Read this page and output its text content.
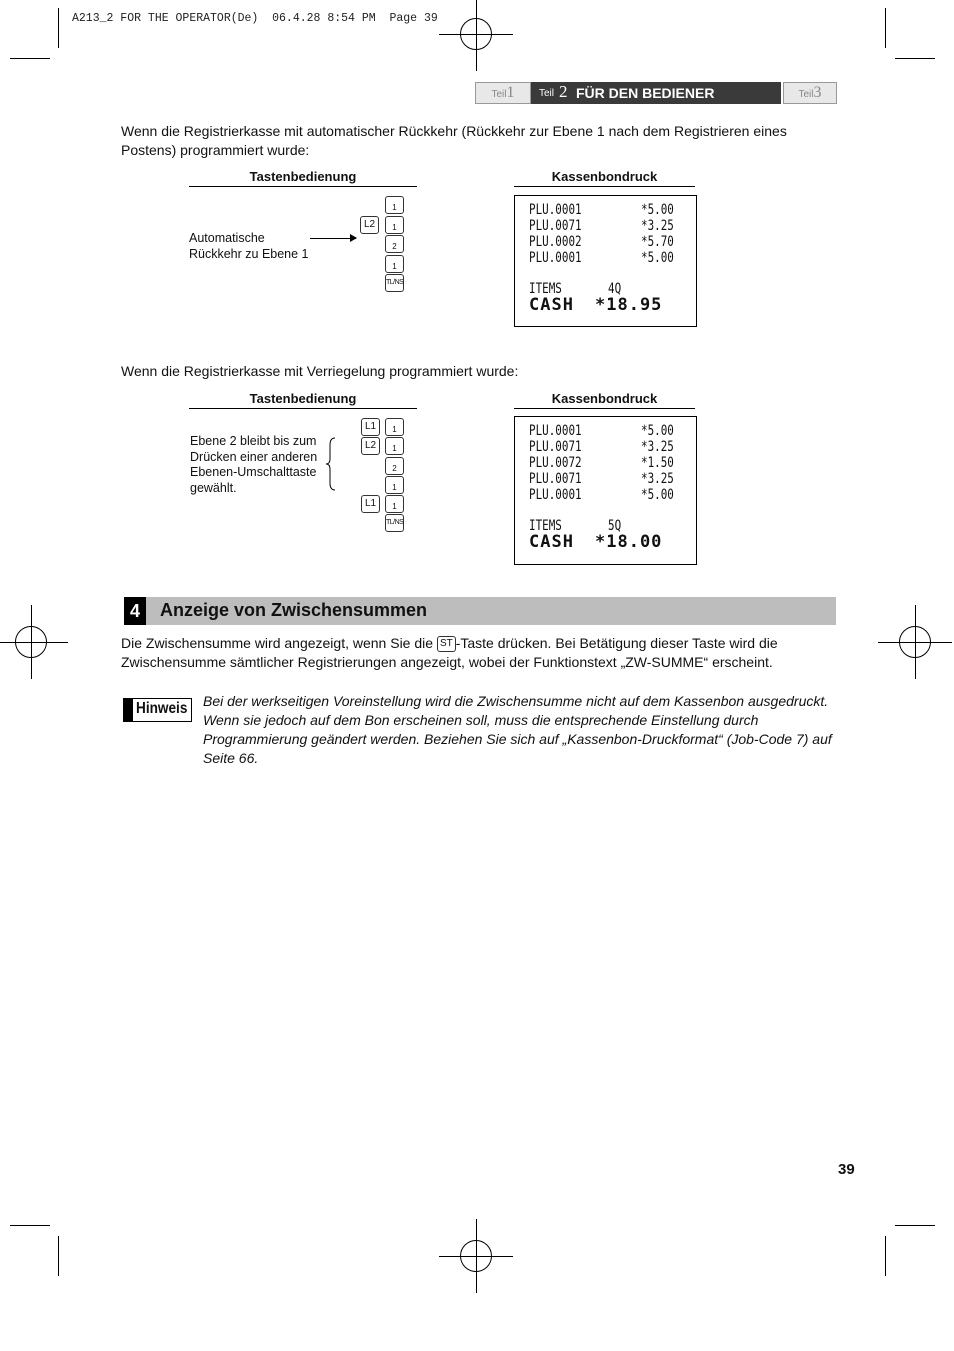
A213_2 FOR THE OPERATOR(De)  06.4.28 8:54 PM  Page 39
Teil1	Teil 2 FÜR DEN BEDIENER	Teil3
Wenn die Registrierkasse mit automatischer Rückkehr (Rückkehr zur Ebene 1 nach dem Registrieren eines Postens) programmiert wurde:
Tastenbedienung	Kassenbondruck
Automatische
Rückkehr zu Ebene 1
1
L2	1
2
1
TL/NS
PLU.0001	*5.00
PLU.0071	*3.25
PLU.0002	*5.70
PLU.0001	*5.00
ITEMS	4Q
CASH *18.95
Wenn die Registrierkasse mit Verriegelung programmiert wurde:
Tastenbedienung	Kassenbondruck
Ebene 2 bleibt bis zum
Drücken einer anderen
Ebenen-Umschalttaste
gewählt.
L1	1
L2	1
2
1
L1	1
TL/NS
PLU.0001	*5.00
PLU.0071	*3.25
PLU.0072	*1.50
PLU.0071	*3.25
PLU.0001	*5.00
ITEMS	5Q
CASH *18.00
4	Anzeige von Zwischensummen
Die Zwischensumme wird angezeigt, wenn Sie die ST -Taste drücken. Bei Betätigung dieser Taste wird die Zwischensumme sämtlicher Registrierungen angezeigt, wobei der Funktionstext „ZW-SUMME“ erscheint.
Hinweis Bei der werkseitigen Voreinstellung wird die Zwischensumme nicht auf dem Kassenbon ausgedruckt. Wenn sie jedoch auf dem Bon erscheinen soll, muss die entsprechende Einstellung durch Programmierung geändert werden. Beziehen Sie sich auf „Kassenbon-Druckformat“ (Job-Code 7) auf Seite 66.
39
